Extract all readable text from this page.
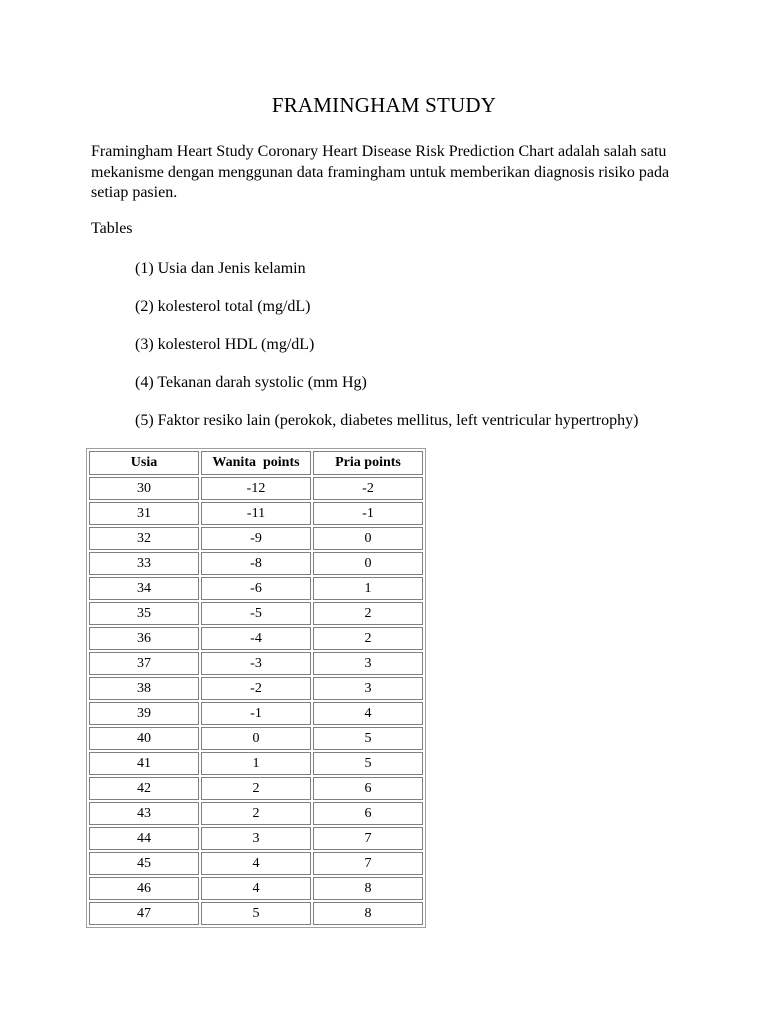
FRAMINGHAM STUDY
Framingham Heart Study Coronary Heart Disease Risk Prediction Chart adalah salah satu mekanisme dengan menggunan data framingham untuk memberikan diagnosis risiko pada setiap pasien.
Tables
(1) Usia dan Jenis kelamin
(2) kolesterol total (mg/dL)
(3) kolesterol HDL (mg/dL)
(4) Tekanan darah systolic (mm Hg)
(5) Faktor resiko lain (perokok, diabetes mellitus, left ventricular hypertrophy)
Usia	Wanita  points	Pria points
30	-12	-2
31	-11	-1
32	-9	0
33	-8	0
34	-6	1
35	-5	2
36	-4	2
37	-3	3
38	-2	3
39	-1	4
40	0	5
41	1	5
42	2	6
43	2	6
44	3	7
45	4	7
46	4	8
47	5	8
